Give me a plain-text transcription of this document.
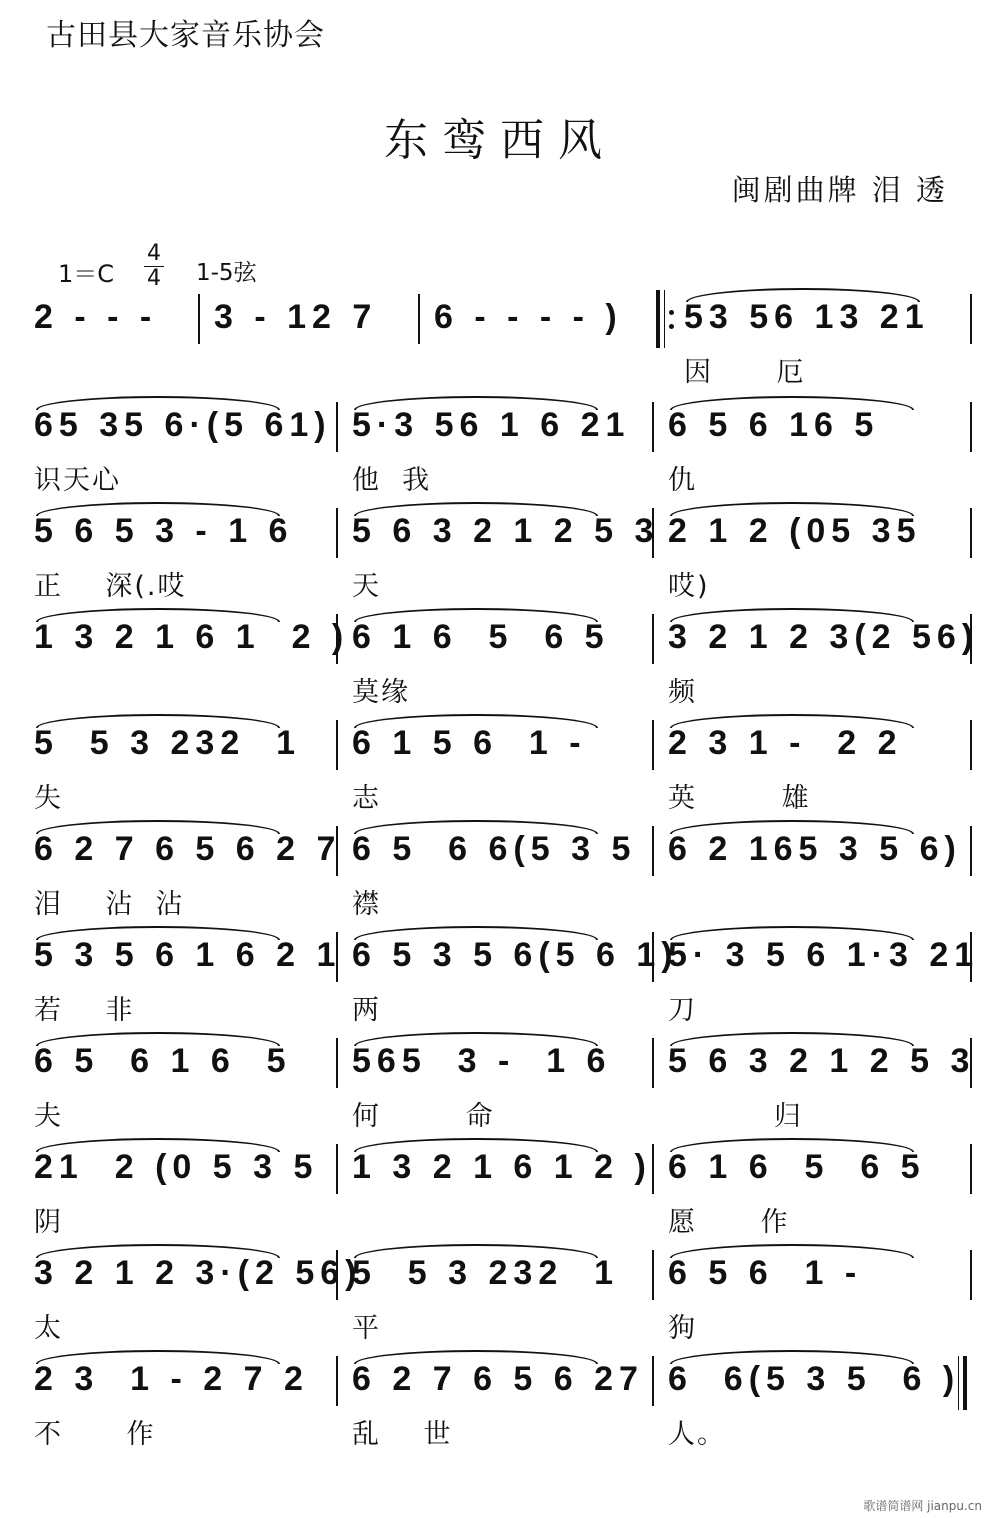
古田县大家音乐协会
东鸾西风
闽剧曲牌 泪 透
$1=C \frac{4}{4} 1-5$弦
2 - - - 3 - 12 7 6 - - - - ) 53 56 13 21
因      厄
65 35 6·(5 61)
识天心
5·3 56 1 6 21
他  我
6 5 6 16 5
仇
5 6 5 3 - 1 6
正    深(.哎
5 6 3 2 1 2 5 3
天
2 1 2 (05 35
哎)
1 3 2 1 6 1  2 ) 6 1 6  5  6 5
莫缘
3 2 1 2 3(2 56)
频
5  5 3 232  1
失
6 1 5 6  1 -
志
2 3 1 -  2 2
英        雄
6 2 7 6 5 6 2 7
泪    沾  沾
6 5  6 6(5 3 5
襟
6 2 165 3 5 6)
5 3 5 6 1 6 2 1
若    非
6 5 3 5 6(5 6 1)
两
5· 3 5 6 1·3 21
刀
6 5  6 1 6  5
夫
565  3 -  1 6
何        命
5 6 3 2 1 2 5 3
归
21  2 (0 5 3 5
阴
1 3 2 1 6 1 2 ) 6 1 6  5  6 5
愿      作
3 2 1 2 3·(2 56)
太
5  5 3 232  1
平
6 5 6  1 -
狗
2 3  1 - 2 7 2
不      作
6 2 7 6 5 6 27
乱    世
6  6(5 3 5  6 )
人。
歌谱简谱网 jianpu.cn
